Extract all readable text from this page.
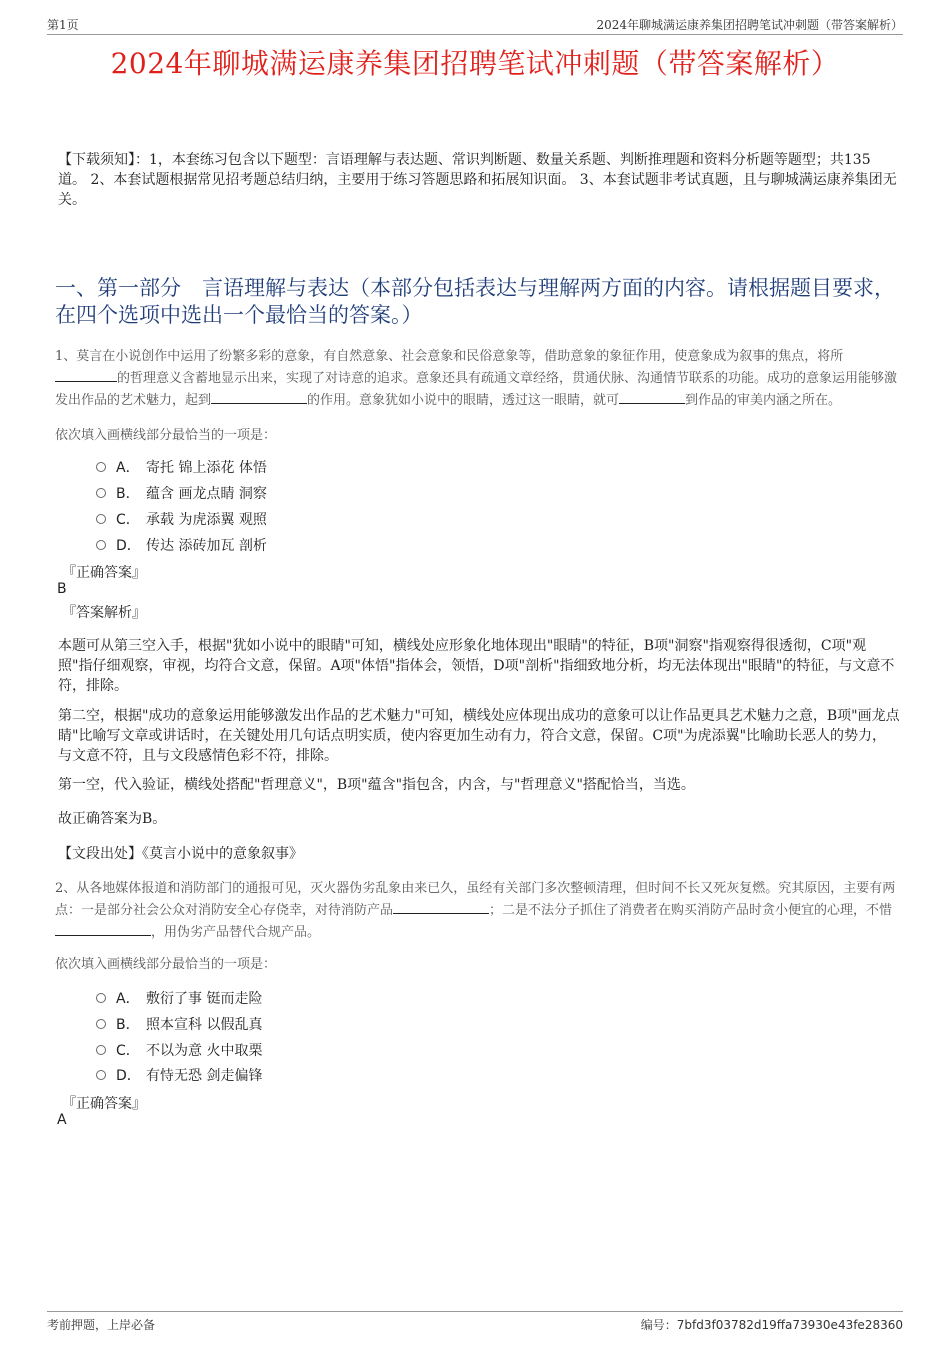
第1页	2024年聊城满运康养集团招聘笔试冲刺题（带答案解析）
2024年聊城满运康养集团招聘笔试冲刺题（带答案解析）
【下载须知】：1，本套练习包含以下题型：言语理解与表达题、常识判断题、数量关系题、判断推理题和资料分析题等题型；共135道。 2、本套试题根据常见招考题总结归纳，主要用于练习答题思路和拓展知识面。 3、本套试题非考试真题，且与聊城满运康养集团无关。
一、第一部分　言语理解与表达（本部分包括表达与理解两方面的内容。请根据题目要求，在四个选项中选出一个最恰当的答案。）
1、莫言在小说创作中运用了纷繁多彩的意象，有自然意象、社会意象和民俗意象等，借助意象的象征作用，使意象成为叙事的焦点，将所的哲理意义含蓄地显示出来，实现了对诗意的追求。意象还具有疏通文章经络，贯通伏脉、沟通情节联系的功能。成功的意象运用能够激发出作品的艺术魅力，起到	的作用。意象犹如小说中的眼睛，透过这一眼睛，就可	到作品的审美内涵之所在。
依次填入画横线部分最恰当的一项是：
A． 寄托 锦上添花 体悟
B． 蕴含 画龙点睛 洞察
C． 承载 为虎添翼 观照
D． 传达 添砖加瓦 剖析
『正确答案』
B
『答案解析』
本题可从第三空入手，根据"犹如小说中的眼睛"可知，横线处应形象化地体现出"眼睛"的特征，B项"洞察"指观察得很透彻，C项"观照"指仔细观察，审视，均符合文意，保留。A项"体悟"指体会，领悟，D项"剖析"指细致地分析，均无法体现出"眼睛"的特征，与文意不符，排除。
第二空，根据"成功的意象运用能够激发出作品的艺术魅力"可知，横线处应体现出成功的意象可以让作品更具艺术魅力之意，B项"画龙点睛"比喻写文章或讲话时，在关键处用几句话点明实质，使内容更加生动有力，符合文意，保留。C项"为虎添翼"比喻助长恶人的势力，与文意不符，且与文段感情色彩不符，排除。
第一空，代入验证，横线处搭配"哲理意义"，B项"蕴含"指包含，内含，与"哲理意义"搭配恰当，当选。
故正确答案为B。
【文段出处】《莫言小说中的意象叙事》
2、从各地媒体报道和消防部门的通报可见，灭火器伪劣乱象由来已久，虽经有关部门多次整顿清理，但时间不长又死灰复燃。究其原因，主要有两点：一是部分社会公众对消防安全心存侥幸，对待消防产品	；二是不法分子抓住了消费者在购买消防产品时贪小便宜的心理，不惜，用伪劣产品替代合规产品。
依次填入画横线部分最恰当的一项是：
A． 敷衍了事 铤而走险
B． 照本宣科 以假乱真
C． 不以为意 火中取栗
D． 有恃无恐 剑走偏锋
『正确答案』
A
考前押题，上岸必备	编号：7bfd3f03782d19ffa73930e43fe28360
